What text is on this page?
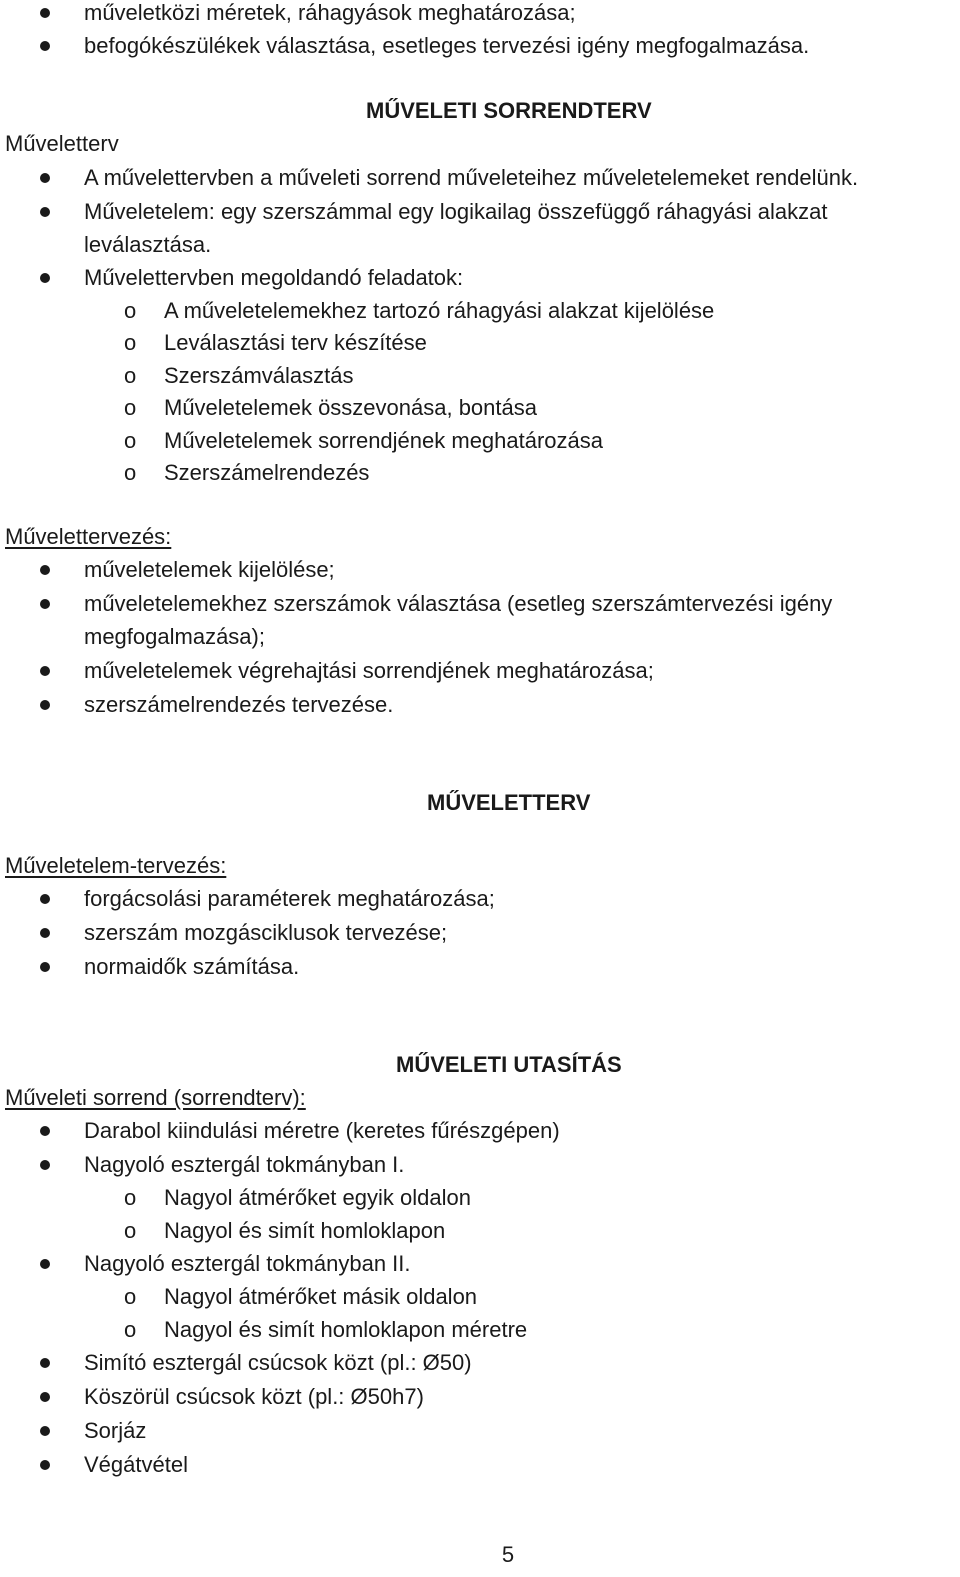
műveletközi méretek, ráhagyások meghatározása;
befogókészülékek választása, esetleges tervezési igény megfogalmazása.
MŰVELETI SORRENDTERV
Műveletterv
A művelettervben a műveleti sorrend műveleteihez műveletelemeket rendelünk.
Műveletelem: egy szerszámmal egy logikailag összefüggő ráhagyási alakzat
leválasztása.
Művelettervben megoldandó feladatok:
o A műveletelemekhez tartozó ráhagyási alakzat kijelölése
o Leválasztási terv készítése
o Szerszámválasztás
o Műveletelemek összevonása, bontása
o Műveletelemek sorrendjének meghatározása
o Szerszámelrendezés
Művelettervezés:
műveletelemek kijelölése;
műveletelemekhez szerszámok választása (esetleg szerszámtervezési igény
megfogalmazása);
műveletelemek végrehajtási sorrendjének meghatározása;
szerszámelrendezés tervezése.
MŰVELETTERV
Műveletelem-tervezés:
forgácsolási paraméterek meghatározása;
szerszám mozgásciklusok tervezése;
normaidők számítása.
MŰVELETI UTASÍTÁS
Műveleti sorrend (sorrendterv):
Darabol kiindulási méretre (keretes fűrészgépen)
Nagyoló esztergál tokmányban I.
o Nagyol átmérőket egyik oldalon
o Nagyol és simít homloklapon
Nagyoló esztergál tokmányban II.
o Nagyol átmérőket másik oldalon
o Nagyol és simít homloklapon méretre
Simító esztergál csúcsok közt (pl.: Ø50)
Köszörül csúcsok közt (pl.: Ø50h7)
Sorjáz
Végátvétel
5
